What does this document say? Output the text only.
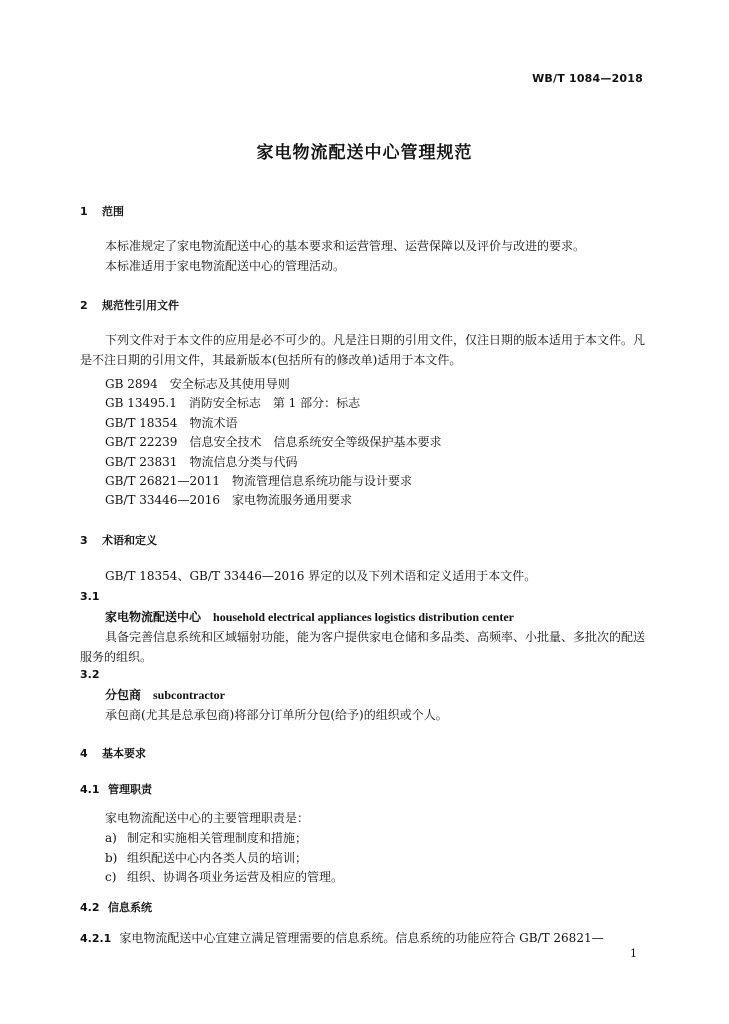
WB/T 1084—2018
家电物流配送中心管理规范
1 范围
本标准规定了家电物流配送中心的基本要求和运营管理、运营保障以及评价与改进的要求。
本标准适用于家电物流配送中心的管理活动。
2 规范性引用文件
下列文件对于本文件的应用是必不可少的。凡是注日期的引用文件，仅注日期的版本适用于本文件。凡是不注日期的引用文件，其最新版本(包括所有的修改单)适用于本文件。
GB 2894　安全标志及其使用导则
GB 13495.1　消防安全标志　第 1 部分：标志
GB/T 18354　物流术语
GB/T 22239　信息安全技术　信息系统安全等级保护基本要求
GB/T 23831　物流信息分类与代码
GB/T 26821—2011　物流管理信息系统功能与设计要求
GB/T 33446—2016　家电物流服务通用要求
3 术语和定义
GB/T 18354、GB/T 33446—2016 界定的以及下列术语和定义适用于本文件。
3.1
家电物流配送中心 household electrical appliances logistics distribution center
具备完善信息系统和区域辐射功能，能为客户提供家电仓储和多品类、高频率、小批量、多批次的配送服务的组织。
3.2
分包商 subcontractor
承包商(尤其是总承包商)将部分订单所分包(给予)的组织或个人。
4 基本要求
4.1 管理职责
家电物流配送中心的主要管理职责是：
a) 制定和实施相关管理制度和措施；
b) 组织配送中心内各类人员的培训；
c) 组织、协调各项业务运营及相应的管理。
4.2 信息系统
4.2.1 家电物流配送中心宜建立满足管理需要的信息系统。信息系统的功能应符合 GB/T 26821—
1
